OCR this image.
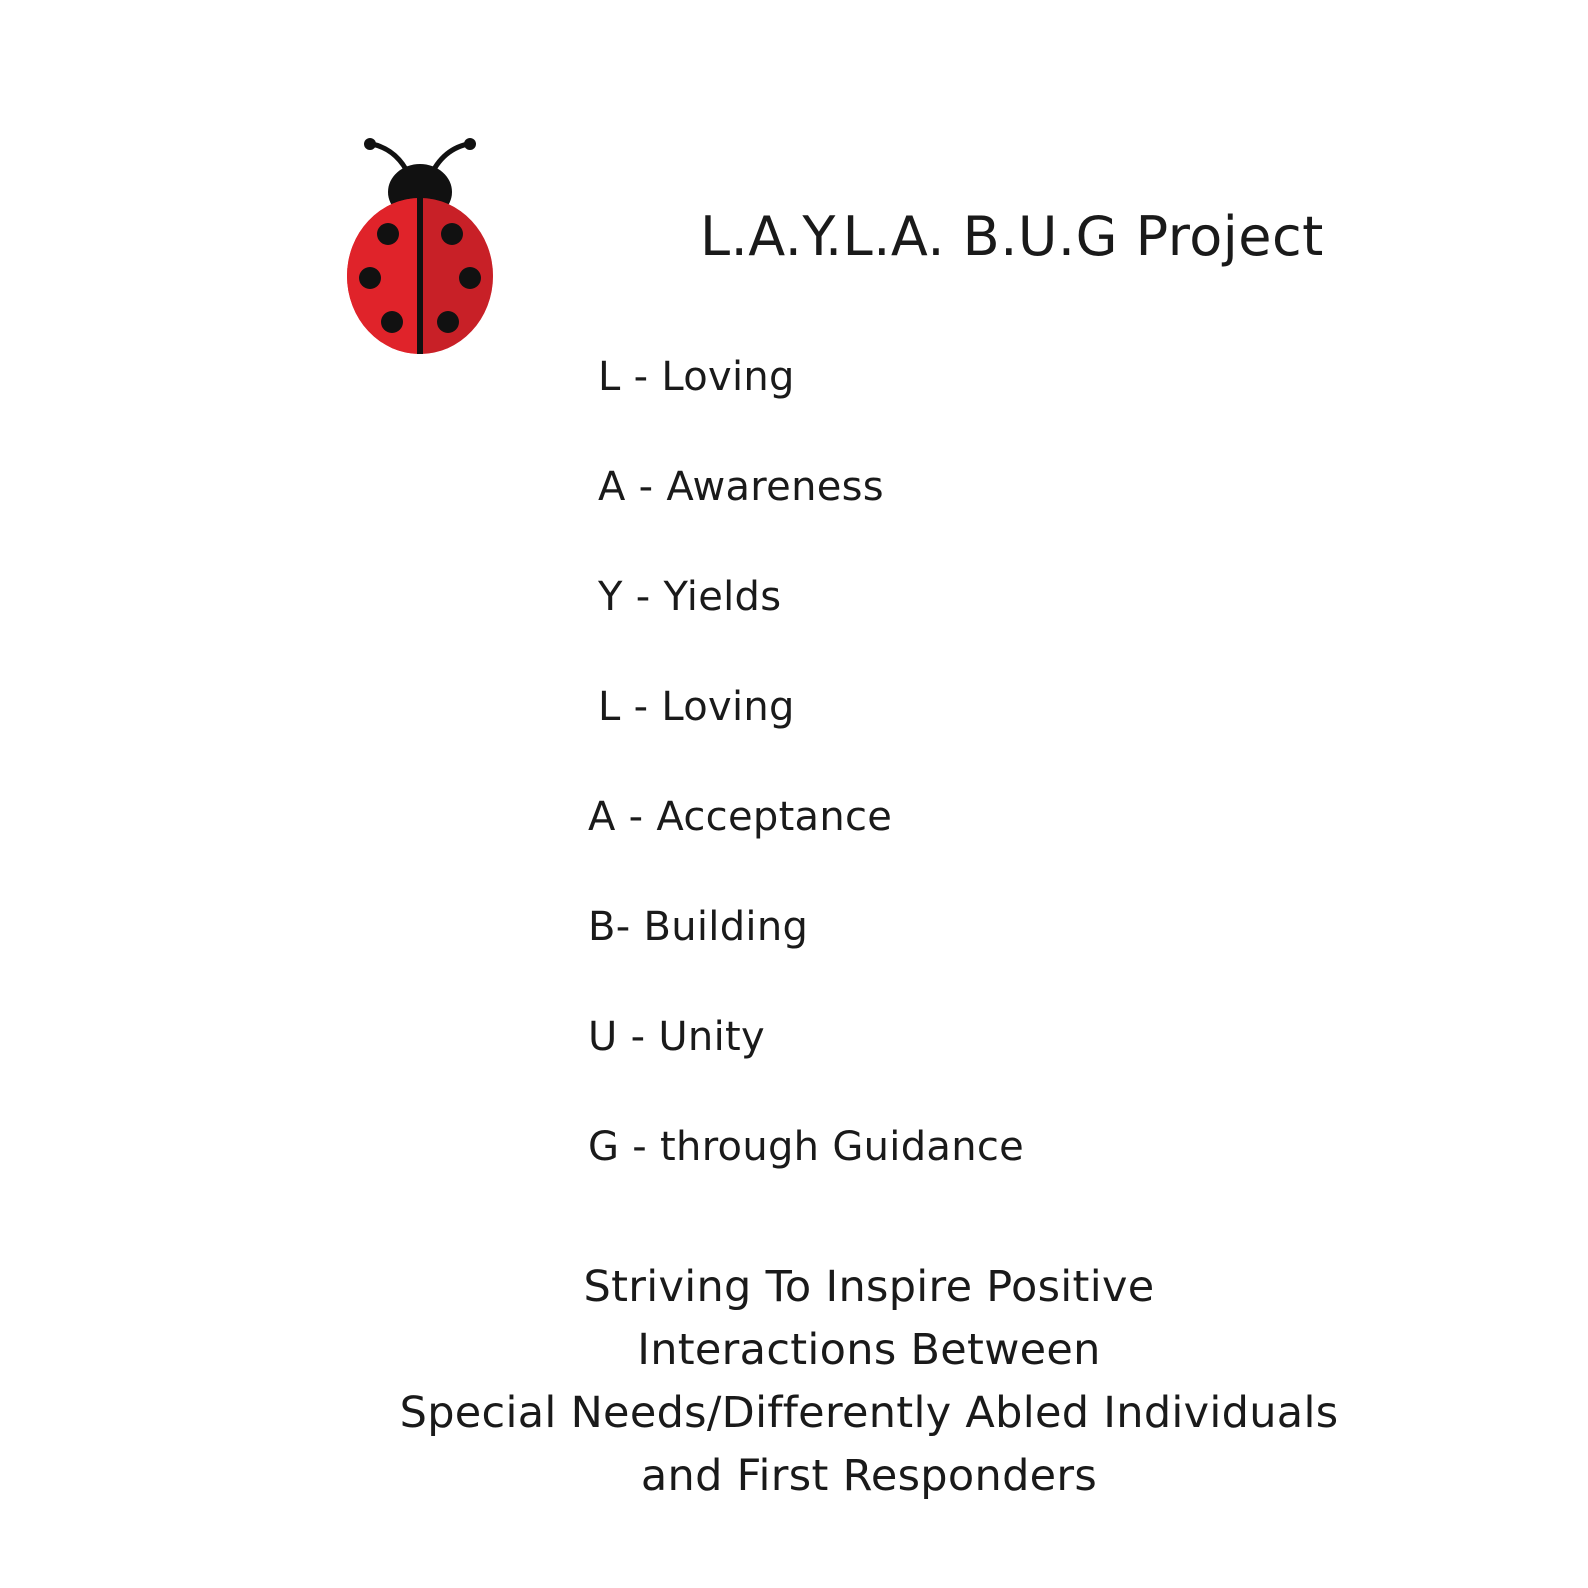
L.A.Y.L.A. B.U.G Project
L - Loving
A - Awareness
Y - Yields
L - Loving
A - Acceptance
B- Building
U - Unity
G - through Guidance
Striving To Inspire Positive
Interactions Between
Special Needs/Differently Abled Individuals
and First Responders
